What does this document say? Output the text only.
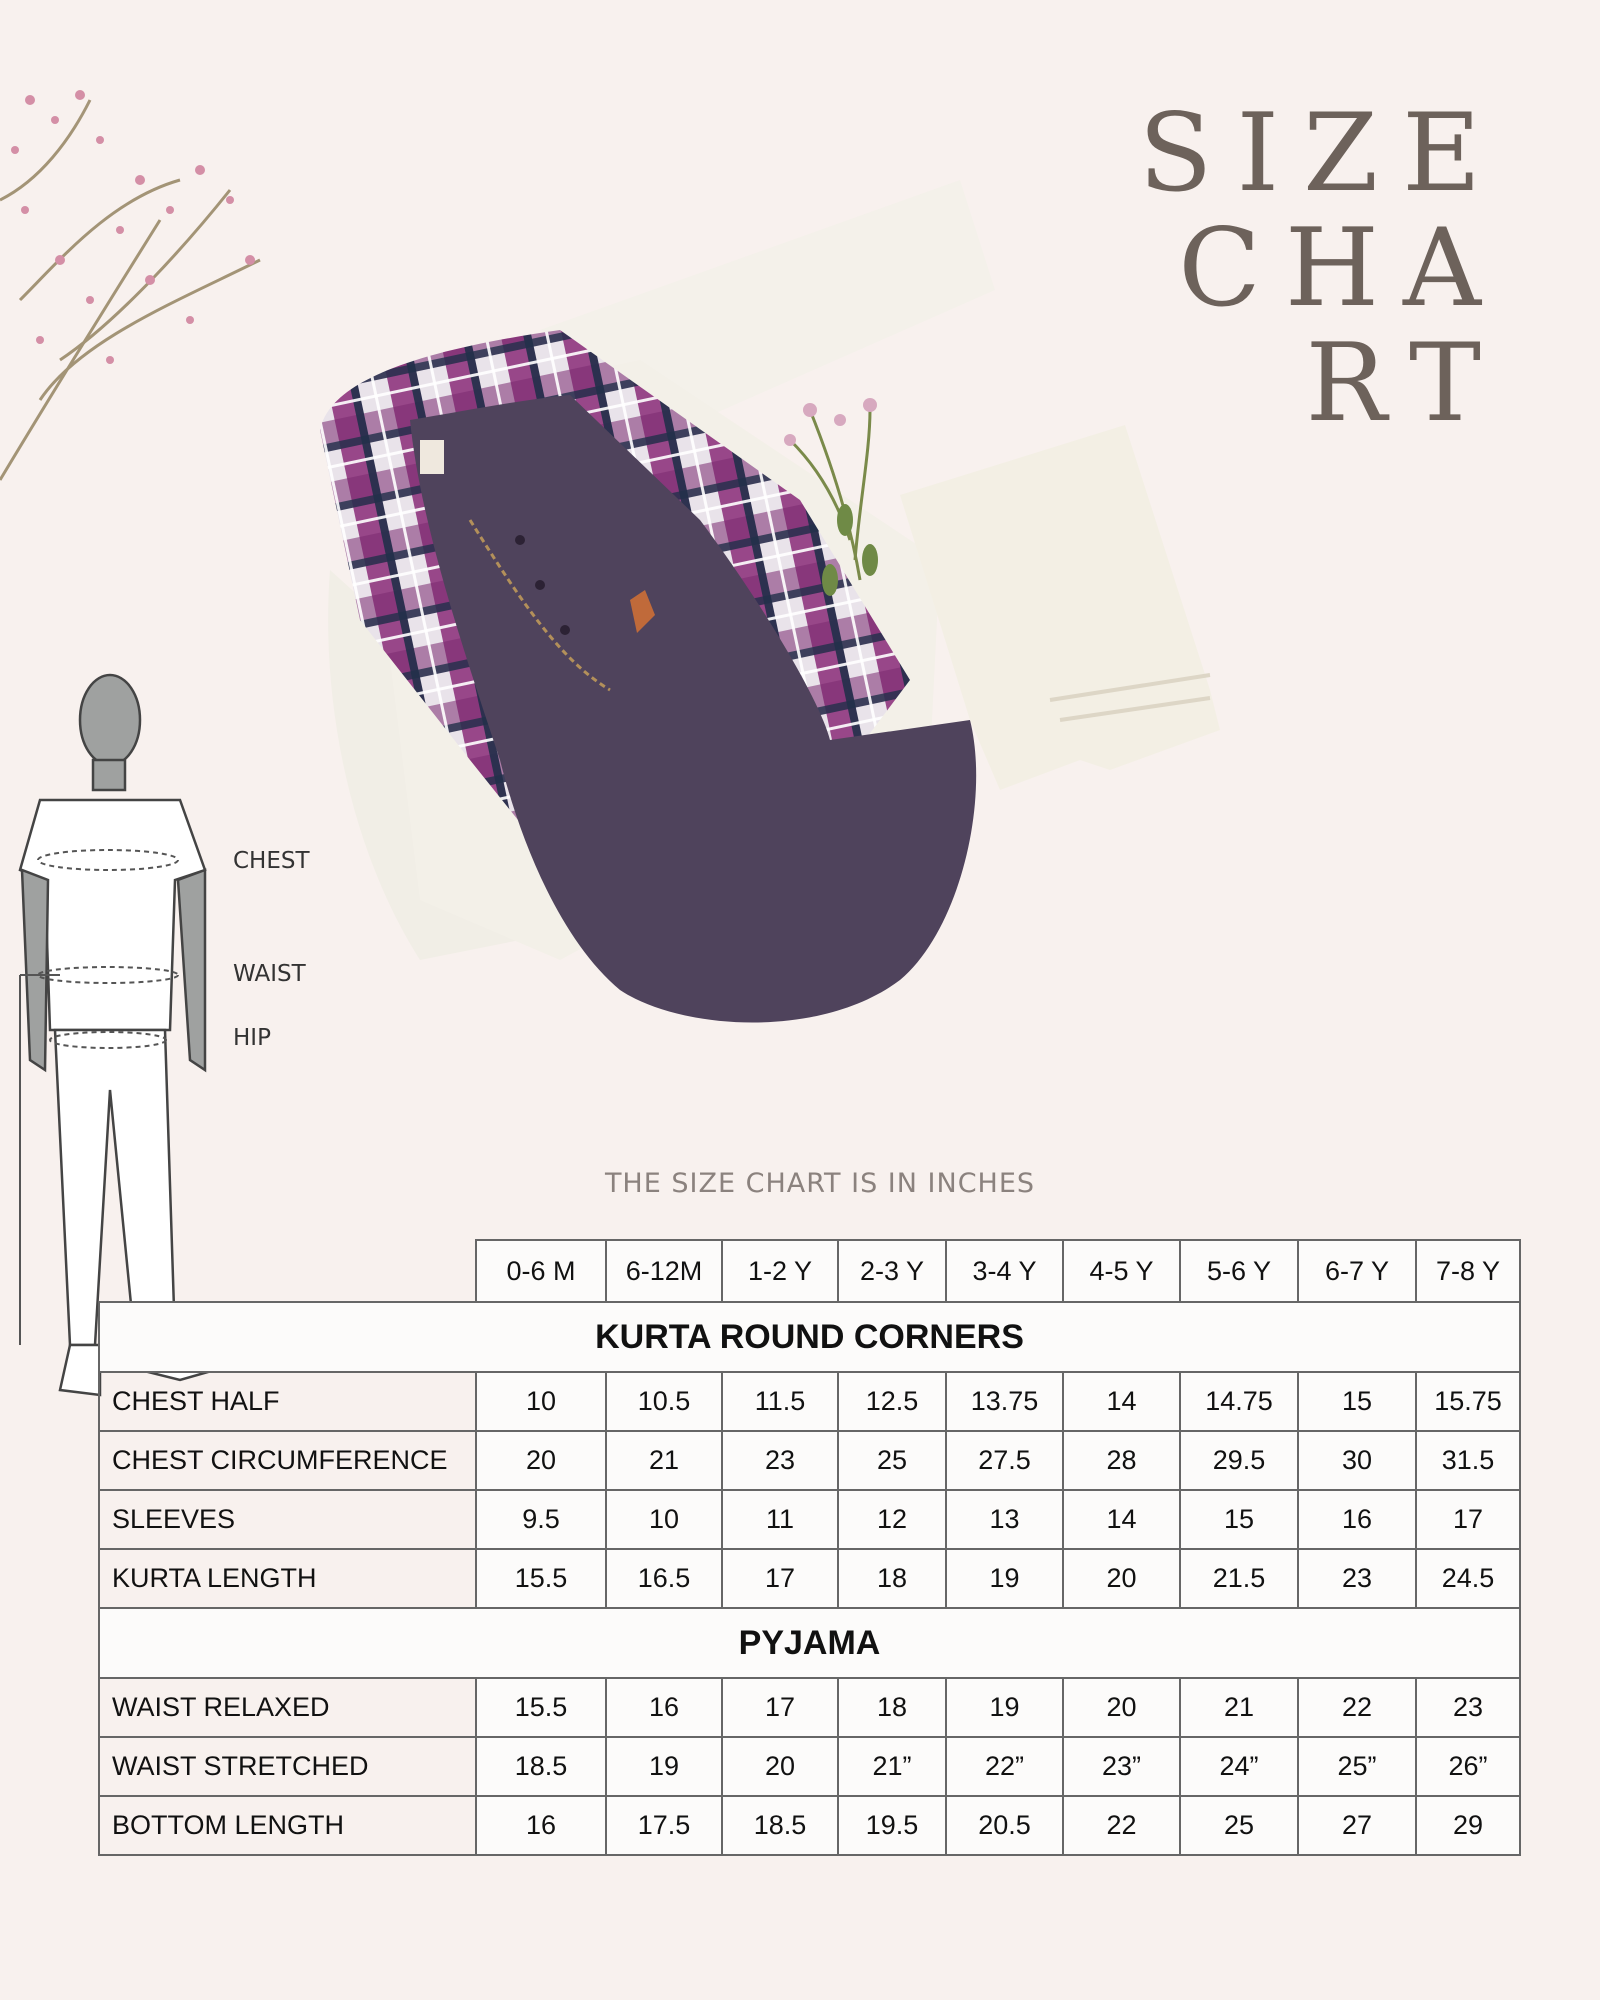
SIZE
CHA
RT
CHEST
WAIST
HIP
THE SIZE CHART IS IN INCHES
	0-6 M	6-12M	1-2 Y	2-3 Y	3-4 Y	4-5 Y	5-6 Y	6-7 Y	7-8 Y
KURTA ROUND CORNERS									
CHEST HALF	10	10.5	11.5	12.5	13.75	14	14.75	15	15.75
CHEST CIRCUMFERENCE	20	21	23	25	27.5	28	29.5	30	31.5
SLEEVES	9.5	10	11	12	13	14	15	16	17
KURTA LENGTH	15.5	16.5	17	18	19	20	21.5	23	24.5
PYJAMA									
WAIST RELAXED	15.5	16	17	18	19	20	21	22	23
WAIST STRETCHED	18.5	19	20	21”	22”	23”	24”	25”	26”
BOTTOM LENGTH	16	17.5	18.5	19.5	20.5	22	25	27	29
